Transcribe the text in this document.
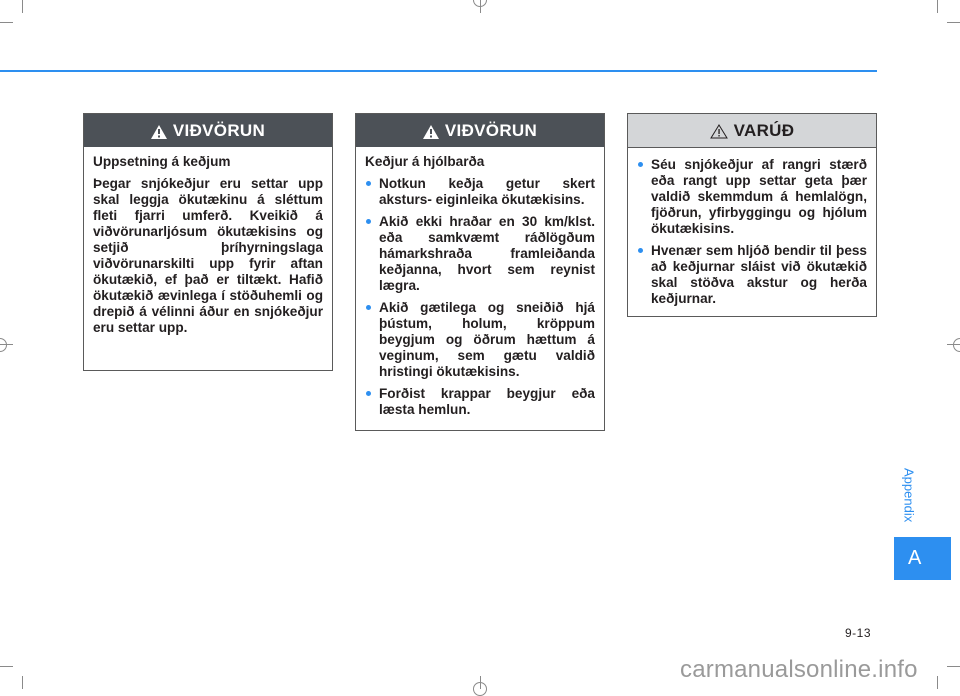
VIÐVÖRUN

Uppsetning á keðjum

Þegar snjókeðjur eru settar upp skal leggja ökutækinu á sléttum fleti fjarri umferð. Kveikið á viðvörunarljósum ökutækisins og setjið þríhyrningslaga viðvörunarskilti upp fyrir aftan ökutækið, ef það er tiltækt. Hafið ökutækið ævinlega í stöðuhemli og drepið á vélinni áður en snjókeðjur eru settar upp.

VIÐVÖRUN

Keðjur á hjólbarða

Notkun keðja getur skert aksturs- eiginleika ökutækisins.

Akið ekki hraðar en 30 km/klst. eða samkvæmt ráðlögðum hámarkshraða framleiðanda keðjanna, hvort sem reynist lægra.

Akið gætilega og sneiðið hjá þústum, holum, kröppum beygjum og öðrum hættum á veginum, sem gætu valdið hristingi ökutækisins.

Forðist krappar beygjur eða læsta hemlun.

VARÚÐ

Séu snjókeðjur af rangri stærð eða rangt upp settar geta þær valdið skemmdum á hemlalögn, fjöðrun, yfirbyggingu og hjólum ökutækisins.

Hvenær sem hljóð bendir til þess að keðjurnar sláist við ökutækið skal stöðva akstur og herða keðjurnar.

Appendix
A
9-13
carmanualsonline.info
